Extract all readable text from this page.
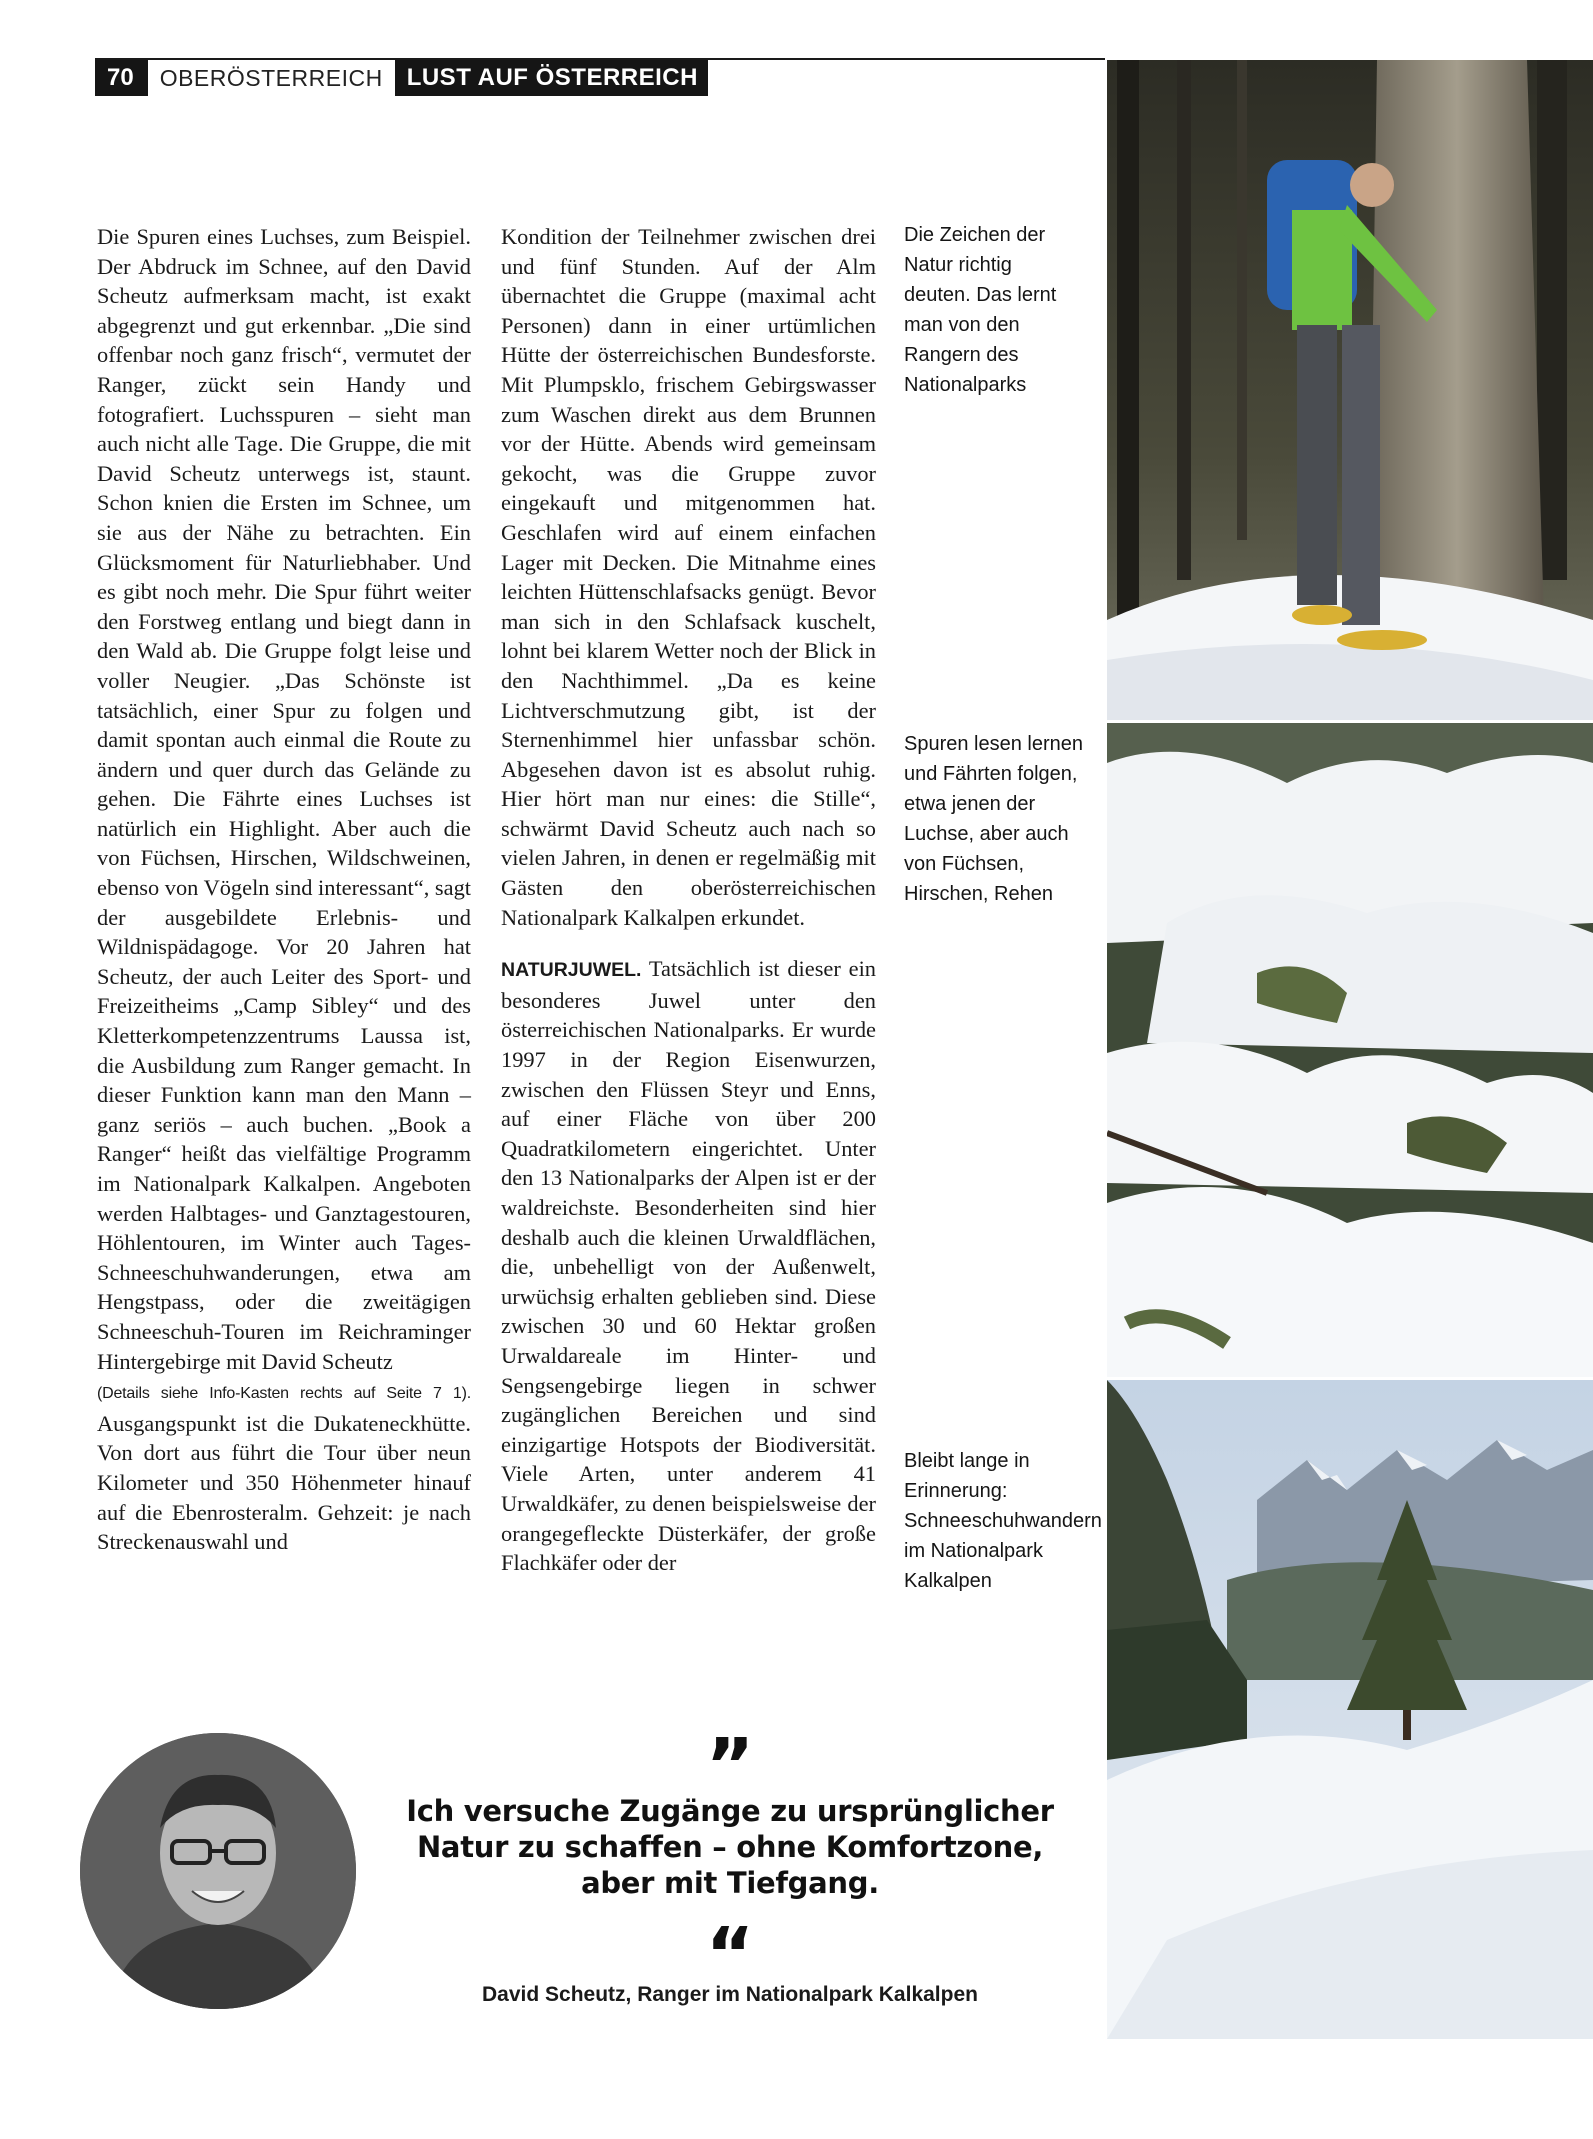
70	OBERÖSTERREICH	LUST AUF ÖSTERREICH

Die Spuren eines Luchses, zum Beispiel. Der Abdruck im Schnee, auf den David Scheutz aufmerksam macht, ist exakt abgegrenzt und gut erkennbar. „Die sind offenbar noch ganz frisch“, vermutet der Ranger, zückt sein Handy und fotografiert. Luchsspuren – sieht man auch nicht alle Tage. Die Gruppe, die mit David Scheutz unterwegs ist, staunt. Schon knien die Ersten im Schnee, um sie aus der Nähe zu betrachten. Ein Glücksmoment für Naturliebhaber. Und es gibt noch mehr. Die Spur führt weiter den Forstweg entlang und biegt dann in den Wald ab. Die Gruppe folgt leise und voller Neugier. „Das Schönste ist tatsächlich, einer Spur zu folgen und damit spontan auch einmal die Route zu ändern und quer durch das Gelände zu gehen. Die Fährte eines Luchses ist natürlich ein Highlight. Aber auch die von Füchsen, Hirschen, Wildschweinen, ebenso von Vögeln sind interessant“, sagt der ausgebildete Erlebnis- und Wildnispädagoge. Vor 20 Jahren hat Scheutz, der auch Leiter des Sport- und Freizeitheims „Camp Sibley“ und des Kletterkompetenzzentrums Laussa ist, die Ausbildung zum Ranger gemacht. In dieser Funktion kann man den Mann – ganz seriös – auch buchen. „Book a Ranger“ heißt das vielfältige Programm im Nationalpark Kalkalpen. Angeboten werden Halbtages- und Ganztagestouren, Höhlentouren, im Winter auch Tages-Schneeschuhwanderungen, etwa am Hengstpass, oder die zweitägigen Schneeschuh-Touren im Reichraminger Hintergebirge mit David Scheutz

(Details siehe Info-Kasten rechts auf Seite 7 1). Ausgangspunkt ist die Dukateneckhütte. Von dort aus führt die Tour über neun Kilometer und 350 Höhenmeter hinauf auf die Ebenrosteralm. Gehzeit: je nach Streckenauswahl und

Kondition der Teilnehmer zwischen drei und fünf Stunden. Auf der Alm übernachtet die Gruppe (maximal acht Personen) dann in einer urtümlichen Hütte der österreichischen Bundesforste. Mit Plumpsklo, frischem Gebirgswasser zum Waschen direkt aus dem Brunnen vor der Hütte. Abends wird gemeinsam gekocht, was die Gruppe zuvor eingekauft und mitgenommen hat. Geschlafen wird auf einem einfachen Lager mit Decken. Die Mitnahme eines leichten Hüttenschlafsacks genügt. Bevor man sich in den Schlafsack kuschelt, lohnt bei klarem Wetter noch der Blick in den Nachthimmel. „Da es keine Lichtverschmutzung gibt, ist der Sternenhimmel hier unfassbar schön. Abgesehen davon ist es absolut ruhig. Hier hört man nur eines: die Stille“, schwärmt David Scheutz auch nach so vielen Jahren, in denen er regelmäßig mit Gästen den oberösterreichischen Nationalpark Kalkalpen erkundet.

NATURJUWEL. Tatsächlich ist dieser ein besonderes Juwel unter den österreichischen Nationalparks. Er wurde 1997 in der Region Eisenwurzen, zwischen den Flüssen Steyr und Enns, auf einer Fläche von über 200 Quadratkilometern eingerichtet. Unter den 13 Nationalparks der Alpen ist er der waldreichste. Besonderheiten sind hier deshalb auch die kleinen Urwaldflächen, die, unbehelligt von der Außenwelt, urwüchsig erhalten geblieben sind. Diese zwischen 30 und 60 Hektar großen Urwaldareale im Hinter- und Sengsengebirge liegen in schwer zugänglichen Bereichen und sind einzigartige Hotspots der Biodiversität. Viele Arten, unter anderem 41 Urwaldkäfer, zu denen beispielsweise der orangegefleckte Düsterkäfer, der große Flachkäfer oder der

Die Zeichen der Natur richtig deuten. Das lernt man von den Rangern des Nationalparks
Spuren lesen lernen und Fährten folgen, etwa jenen der Luchse, aber auch von Füchsen, Hirschen, Rehen
Bleibt lange in Erinnerung: Schneeschuhwandern im Nationalpark Kalkalpen
”
Ich versuche Zugänge zu ursprünglicher Natur zu schaffen – ohne Komfortzone, aber mit Tiefgang.
“
David Scheutz, Ranger im Nationalpark Kalkalpen
